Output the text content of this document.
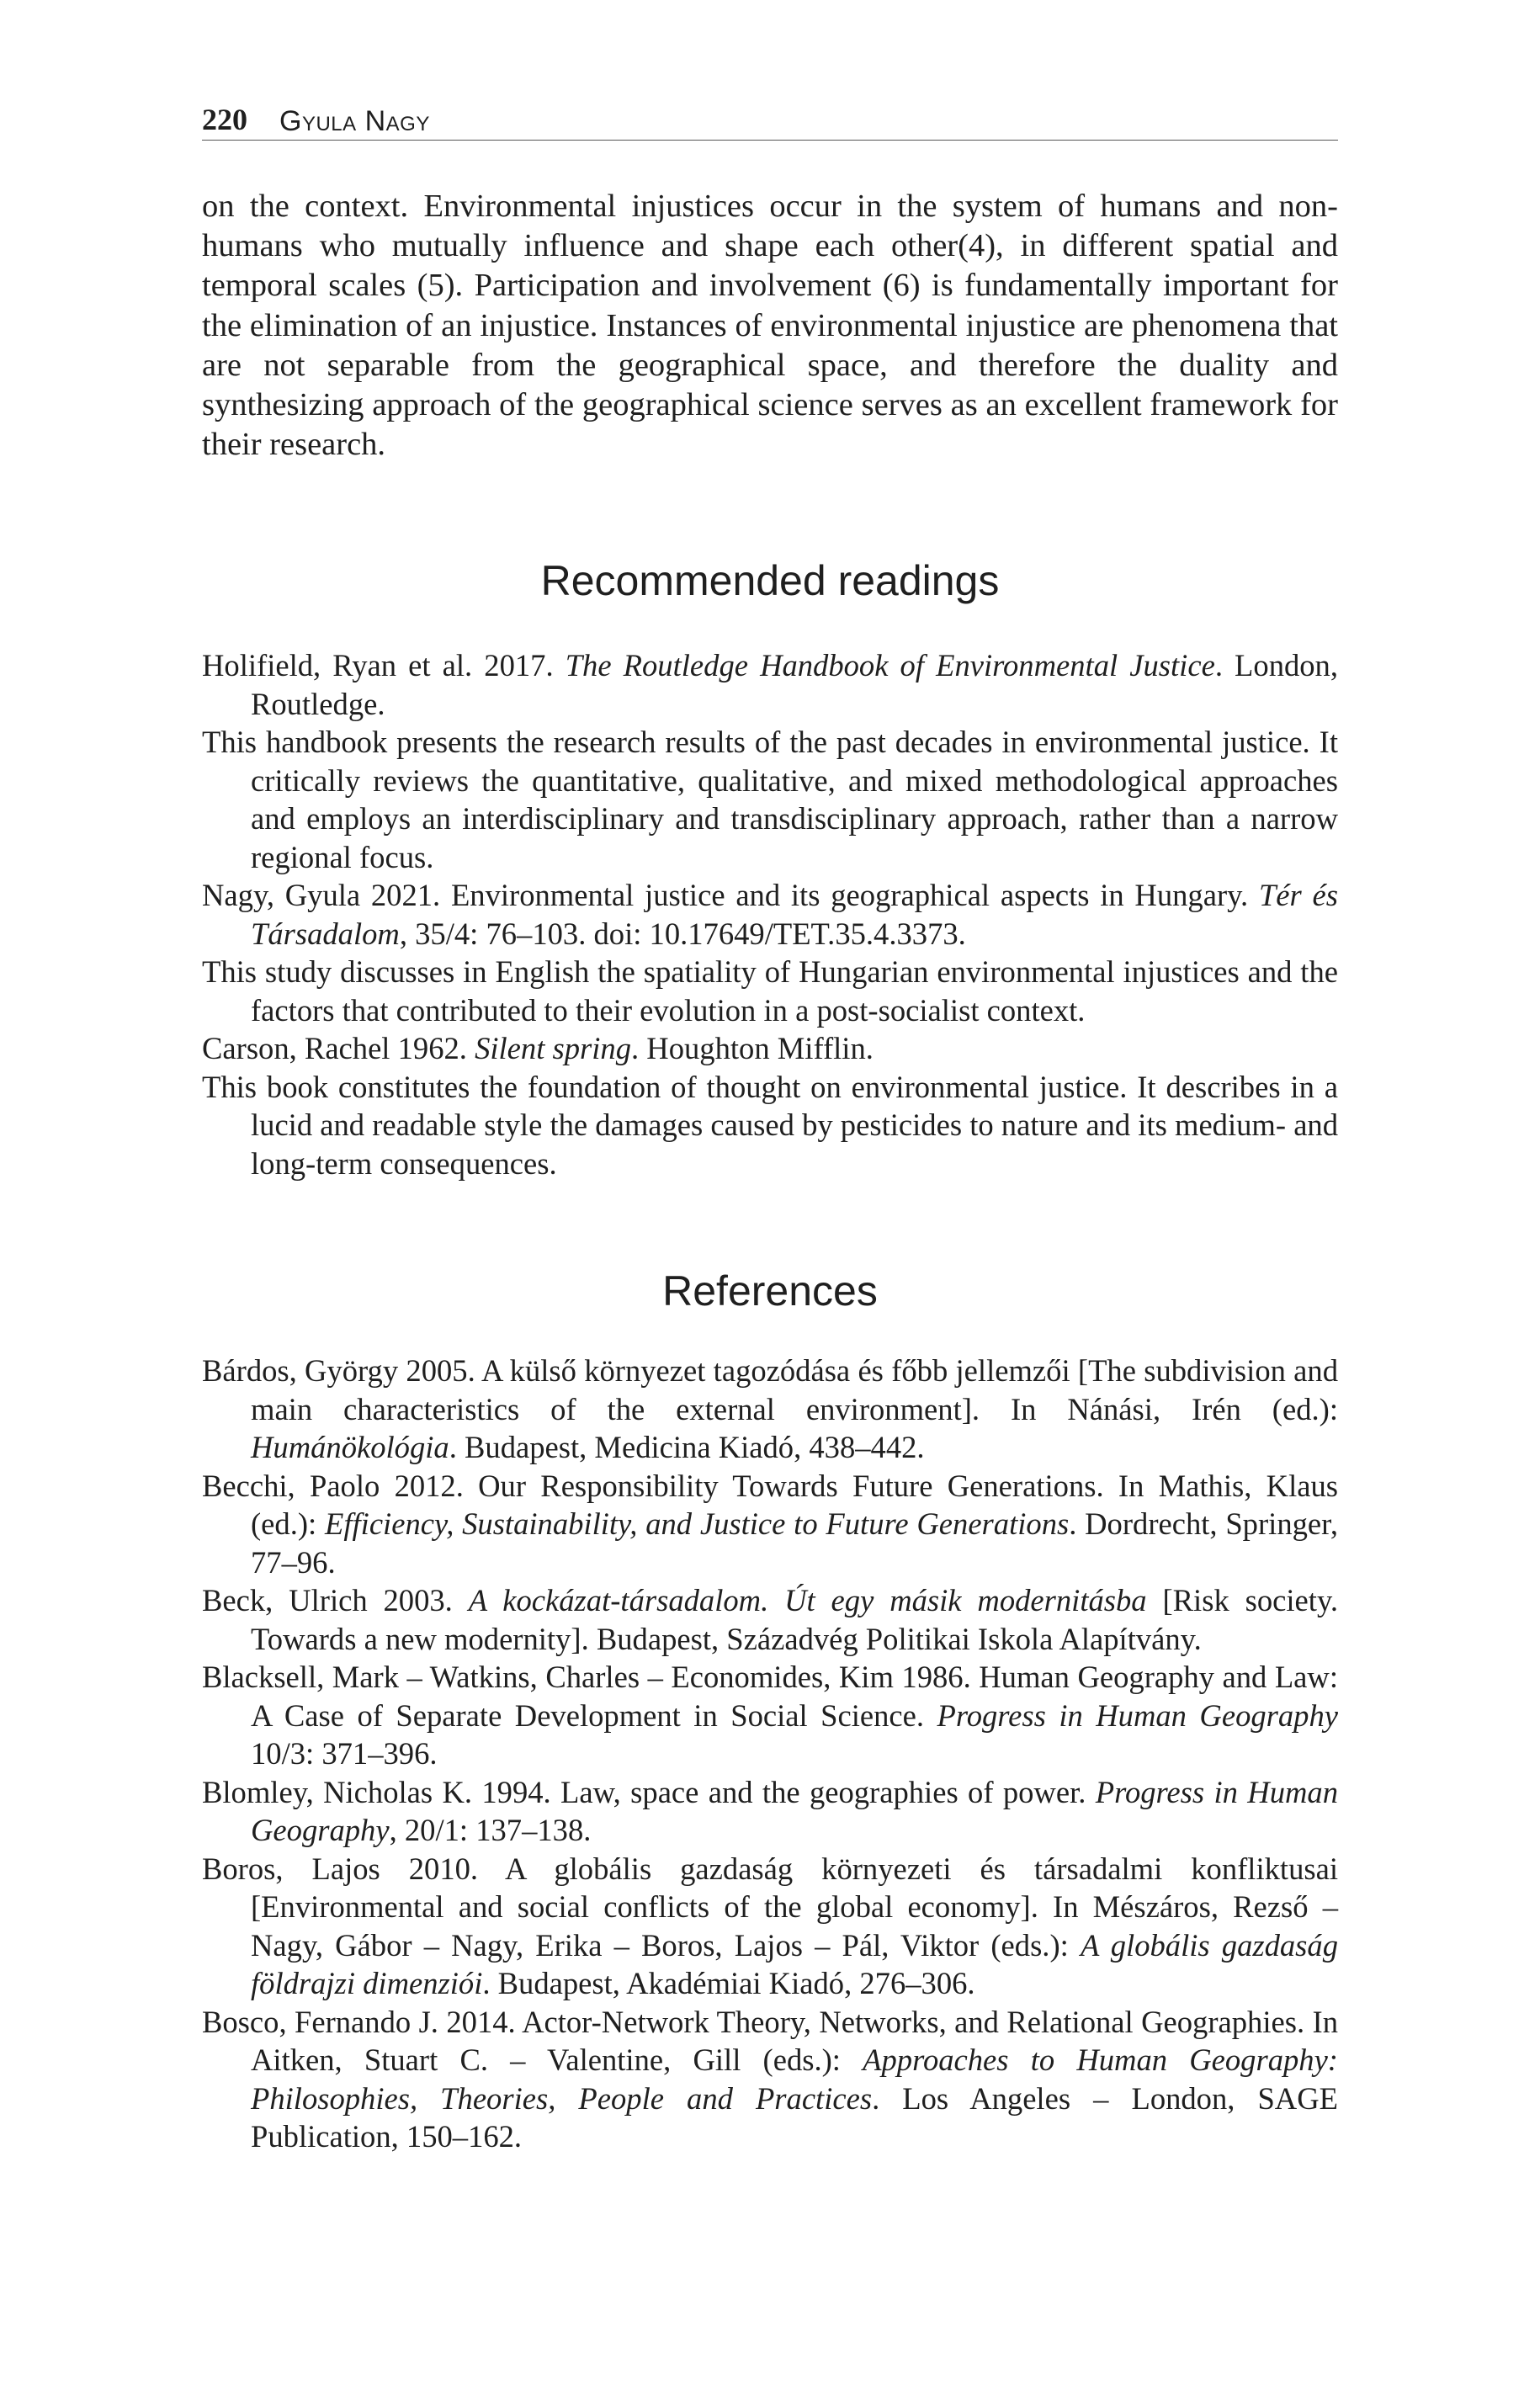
220 Gyula Nagy

on the context. Environmental injustices occur in the system of humans and non-humans who mutually influence and shape each other(4), in different spatial and temporal scales (5). Participation and involvement (6) is fundamentally important for the elimination of an injustice. Instances of environmental injustice are phenomena that are not separable from the geographical space, and therefore the duality and synthesizing approach of the geographical science serves as an excellent framework for their research.

Recommended readings
Holifield, Ryan et al. 2017. The Routledge Handbook of Environmental Justice. London, Routledge.
This handbook presents the research results of the past decades in environmental justice. It critically reviews the quantitative, qualitative, and mixed methodological approaches and employs an interdisciplinary and transdisciplinary approach, rather than a narrow regional focus.
Nagy, Gyula 2021. Environmental justice and its geographical aspects in Hungary. Tér és Társadalom, 35/4: 76–103. doi: 10.17649/TET.35.4.3373.
This study discusses in English the spatiality of Hungarian environmental injustices and the factors that contributed to their evolution in a post-socialist context.
Carson, Rachel 1962. Silent spring. Houghton Mifflin.
This book constitutes the foundation of thought on environmental justice. It describes in a lucid and readable style the damages caused by pesticides to nature and its medium- and long-term consequences.
References
Bárdos, György 2005. A külső környezet tagozódása és főbb jellemzői [The subdivision and main characteristics of the external environment]. In Nánási, Irén (ed.): Humánökológia. Budapest, Medicina Kiadó, 438–442.
Becchi, Paolo 2012. Our Responsibility Towards Future Generations. In Mathis, Klaus (ed.): Efficiency, Sustainability, and Justice to Future Generations. Dordrecht, Springer, 77–96.
Beck, Ulrich 2003. A kockázat-társadalom. Út egy másik modernitásba [Risk society. Towards a new modernity]. Budapest, Századvég Politikai Iskola Alapítvány.
Blacksell, Mark – Watkins, Charles – Economides, Kim 1986. Human Geography and Law: A Case of Separate Development in Social Science. Progress in Human Geography 10/3: 371–396.
Blomley, Nicholas K. 1994. Law, space and the geographies of power. Progress in Human Geography, 20/1: 137–138.
Boros, Lajos 2010. A globális gazdaság környezeti és társadalmi konfliktusai [Environmental and social conflicts of the global economy]. In Mészáros, Rezső – Nagy, Gábor – Nagy, Erika – Boros, Lajos – Pál, Viktor (eds.): A globális gazdaság földrajzi dimenziói. Budapest, Akadémiai Kiadó, 276–306.
Bosco, Fernando J. 2014. Actor-Network Theory, Networks, and Relational Geographies. In Aitken, Stuart C. – Valentine, Gill (eds.): Approaches to Human Geography: Philosophies, Theories, People and Practices. Los Angeles – London, SAGE Publication, 150–162.
